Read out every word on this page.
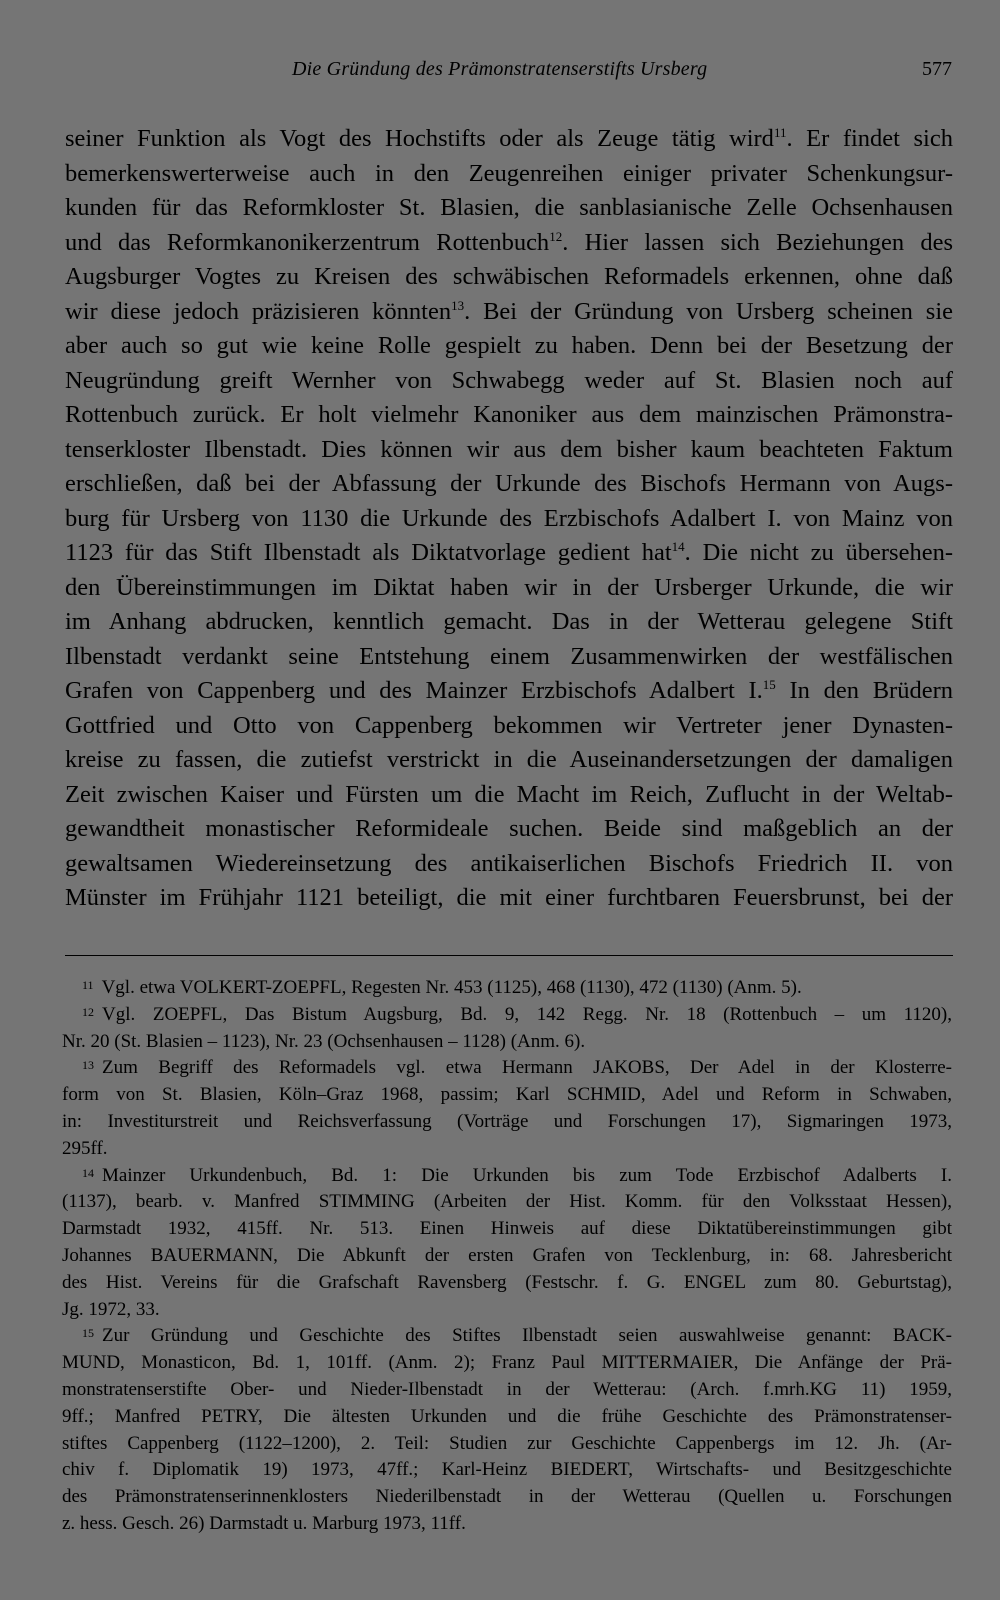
Die Gründung des Prämonstratenserstifts Ursberg	577
seiner Funktion als Vogt des Hochstifts oder als Zeuge tätig wird$^{11}$. Er findet sich
bemerkenswerterweise auch in den Zeugenreihen einiger privater Schenkungsur-
kunden für das Reformkloster St. Blasien, die sanblasianische Zelle Ochsenhausen
und das Reformkanonikerzentrum Rottenbuch$^{12}$. Hier lassen sich Beziehungen des
Augsburger Vogtes zu Kreisen des schwäbischen Reformadels erkennen, ohne daß
wir diese jedoch präzisieren könnten$^{13}$. Bei der Gründung von Ursberg scheinen sie
aber auch so gut wie keine Rolle gespielt zu haben. Denn bei der Besetzung der
Neugründung greift Wernher von Schwabegg weder auf St. Blasien noch auf
Rottenbuch zurück. Er holt vielmehr Kanoniker aus dem mainzischen Prämonstra-
tenserkloster Ilbenstadt. Dies können wir aus dem bisher kaum beachteten Faktum
erschließen, daß bei der Abfassung der Urkunde des Bischofs Hermann von Augs-
burg für Ursberg von 1130 die Urkunde des Erzbischofs Adalbert I. von Mainz von
1123 für das Stift Ilbenstadt als Diktatvorlage gedient hat$^{14}$. Die nicht zu übersehen-
den Übereinstimmungen im Diktat haben wir in der Ursberger Urkunde, die wir
im Anhang abdrucken, kenntlich gemacht. Das in der Wetterau gelegene Stift
Ilbenstadt verdankt seine Entstehung einem Zusammenwirken der westfälischen
Grafen von Cappenberg und des Mainzer Erzbischofs Adalbert I.$^{15}$ In den Brüdern
Gottfried und Otto von Cappenberg bekommen wir Vertreter jener Dynasten-
kreise zu fassen, die zutiefst verstrickt in die Auseinandersetzungen der damaligen
Zeit zwischen Kaiser und Fürsten um die Macht im Reich, Zuflucht in der Weltab-
gewandtheit monastischer Reformideale suchen. Beide sind maßgeblich an der
gewaltsamen Wiedereinsetzung des antikaiserlichen Bischofs Friedrich II. von
Münster im Frühjahr 1121 beteiligt, die mit einer furchtbaren Feuersbrunst, bei der
$^{11}$ Vgl. etwa VOLKERT-ZOEPFL, Regesten Nr. 453 (1125), 468 (1130), 472 (1130) (Anm. 5).
$^{12}$ Vgl. ZOEPFL, Das Bistum Augsburg, Bd. 9, 142 Regg. Nr. 18 (Rottenbuch – um 1120),
Nr. 20 (St. Blasien – 1123), Nr. 23 (Ochsenhausen – 1128) (Anm. 6).
$^{13}$ Zum Begriff des Reformadels vgl. etwa Hermann JAKOBS, Der Adel in der Klosterre-
form von St. Blasien, Köln–Graz 1968, passim; Karl SCHMID, Adel und Reform in Schwaben,
in: Investiturstreit und Reichsverfassung (Vorträge und Forschungen 17), Sigmaringen 1973,
295ff.
$^{14}$ Mainzer Urkundenbuch, Bd. 1: Die Urkunden bis zum Tode Erzbischof Adalberts I.
(1137), bearb. v. Manfred STIMMING (Arbeiten der Hist. Komm. für den Volksstaat Hessen),
Darmstadt 1932, 415ff. Nr. 513. Einen Hinweis auf diese Diktatübereinstimmungen gibt
Johannes BAUERMANN, Die Abkunft der ersten Grafen von Tecklenburg, in: 68. Jahresbericht
des Hist. Vereins für die Grafschaft Ravensberg (Festschr. f. G. ENGEL zum 80. Geburtstag),
Jg. 1972, 33.
$^{15}$ Zur Gründung und Geschichte des Stiftes Ilbenstadt seien auswahlweise genannt: BACK-
MUND, Monasticon, Bd. 1, 101ff. (Anm. 2); Franz Paul MITTERMAIER, Die Anfänge der Prä-
monstratenserstifte Ober- und Nieder-Ilbenstadt in der Wetterau: (Arch. f.mrh.KG 11) 1959,
9ff.; Manfred PETRY, Die ältesten Urkunden und die frühe Geschichte des Prämonstratenser-
stiftes Cappenberg (1122–1200), 2. Teil: Studien zur Geschichte Cappenbergs im 12. Jh. (Ar-
chiv f. Diplomatik 19) 1973, 47ff.; Karl-Heinz BIEDERT, Wirtschafts- und Besitzgeschichte
des Prämonstratenserinnenklosters Niederilbenstadt in der Wetterau (Quellen u. Forschungen
z. hess. Gesch. 26) Darmstadt u. Marburg 1973, 11ff.
